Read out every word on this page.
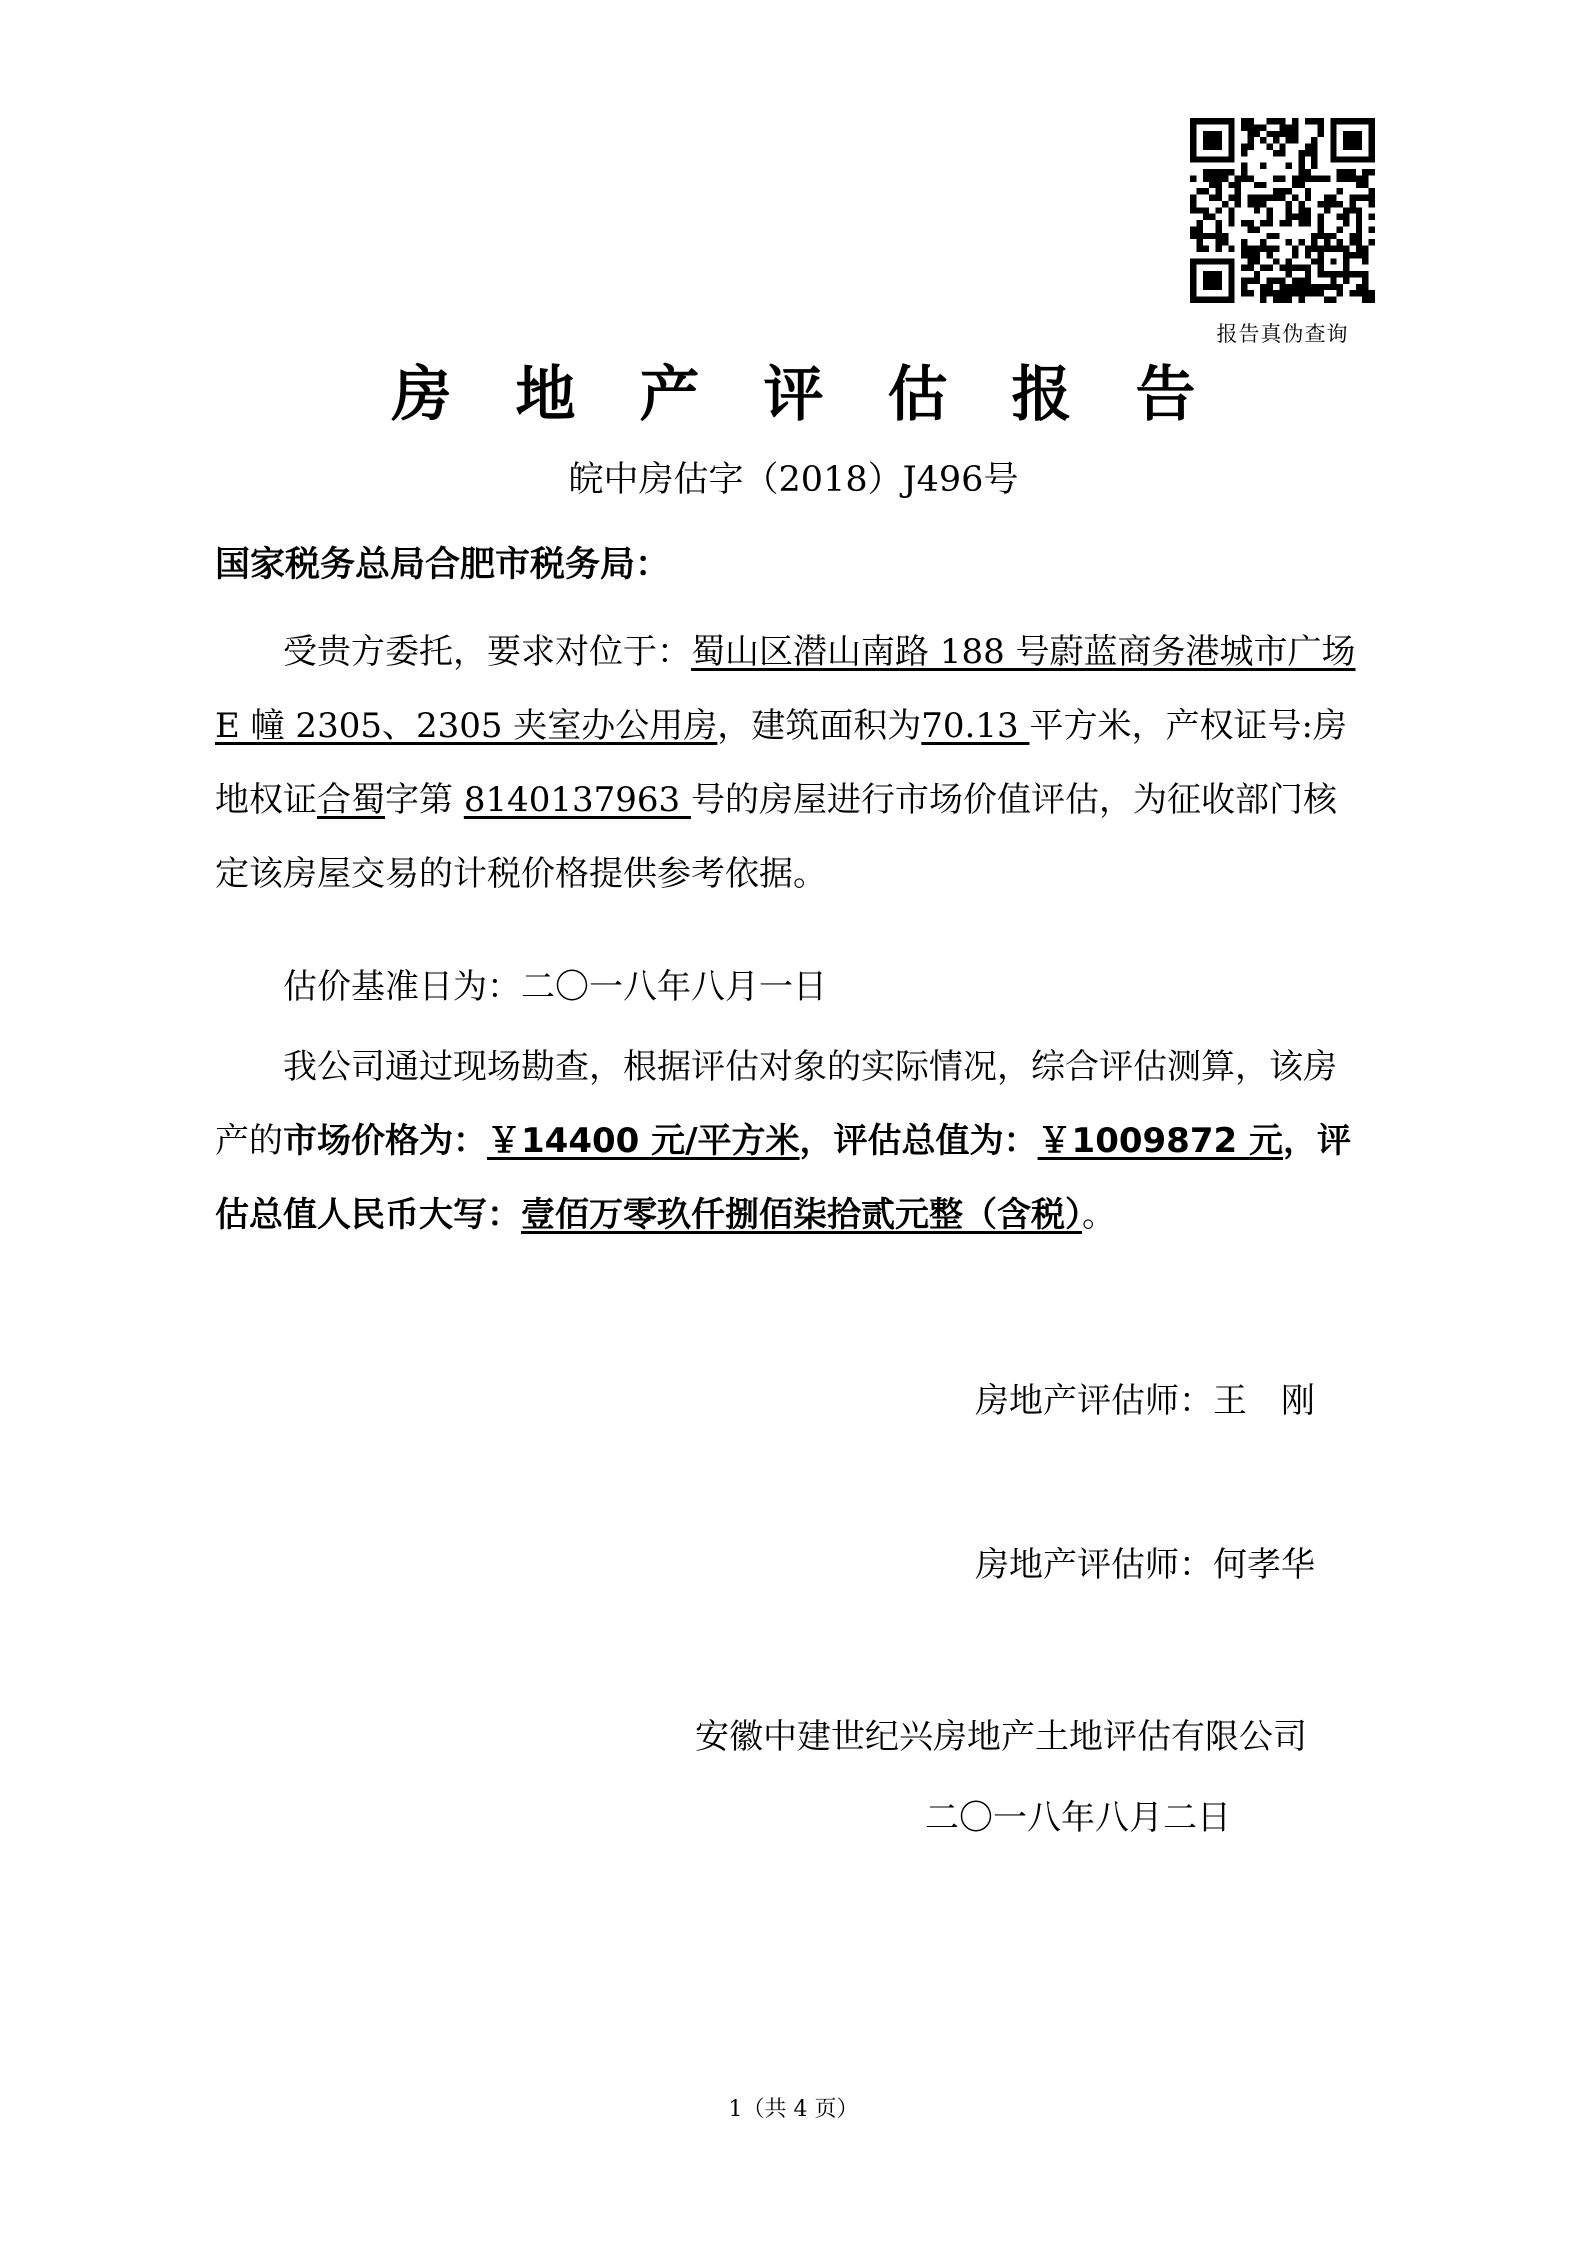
报告真伪查询
房地产评估报告
皖中房估字（2018）J496号
国家税务总局合肥市税务局：

受贵方委托，要求对位于：蜀山区潜山南路 188 号蔚蓝商务港城市广场 E 幢 2305、2305 夹室办公用房，建筑面积为70.13 平方米，产权证号:房地权证合蜀字第 8140137963 号的房屋进行市场价值评估，为征收部门核定该房屋交易的计税价格提供参考依据。

估价基准日为：二〇一八年八月一日

我公司通过现场勘查，根据评估对象的实际情况，综合评估测算，该房产的市场价格为：￥14400 元/平方米，评估总值为：￥1009872 元，评估总值人民币大写：壹佰万零玖仟捌佰柒拾贰元整（含税）。

房地产评估师：王　刚
房地产评估师：何孝华
安徽中建世纪兴房地产土地评估有限公司
二〇一八年八月二日
1（共 4 页）
